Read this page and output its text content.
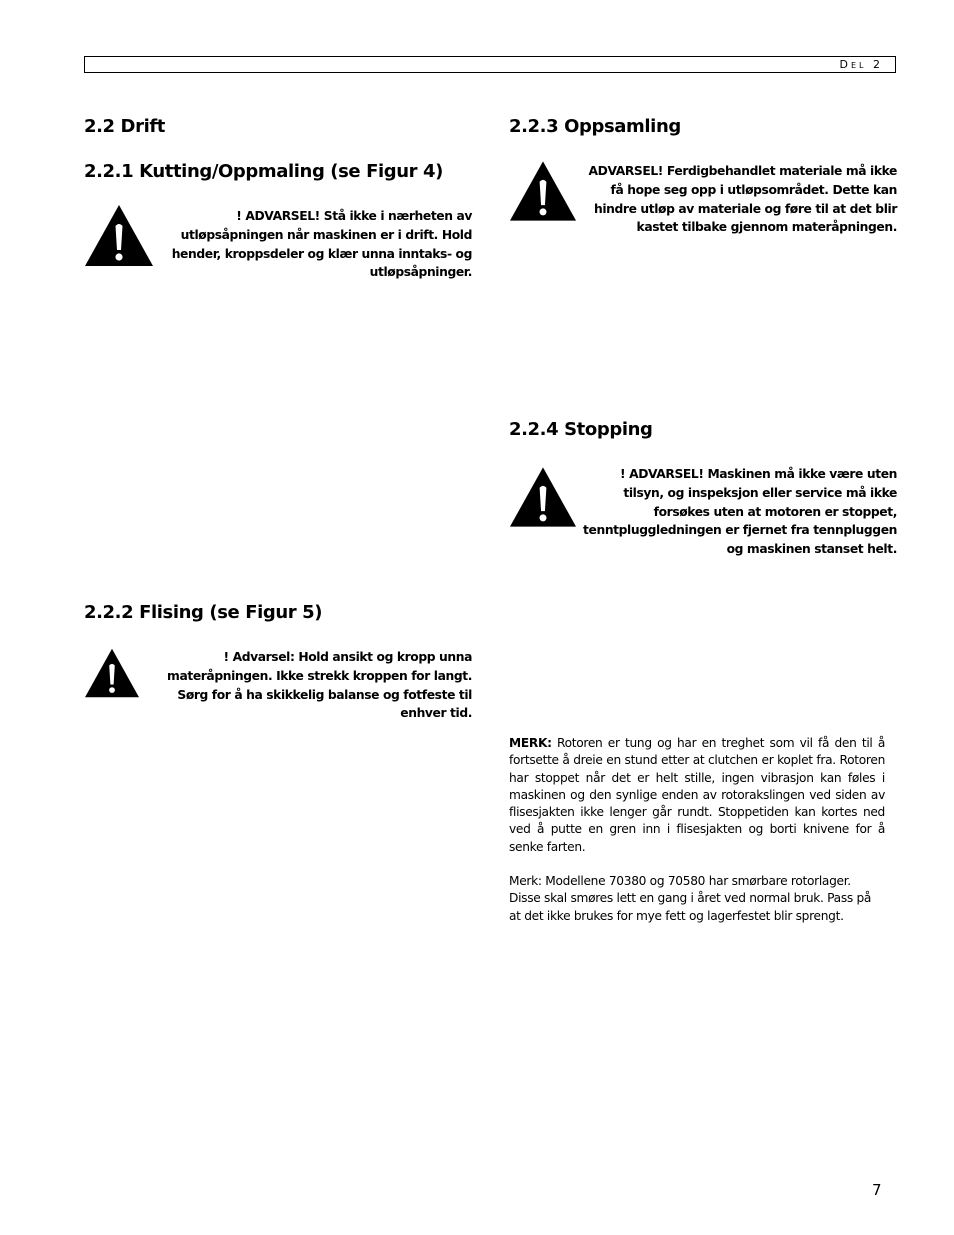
Del 2
2.2 Drift
2.2.1 Kutting/Oppmaling (se Figur 4)

! ADVARSEL! Stå ikke i nærheten av utløpsåpningen når maskinen er i drift. Hold hender, kroppsdeler og klær unna inntaks- og utløpsåpninger.

2.2.2 Flising (se Figur 5)

! Advarsel: Hold ansikt og kropp unna materåpningen. Ikke strekk kroppen for langt. Sørg for å ha skikkelig balanse og fotfeste til enhver tid.

2.2.3 Oppsamling

ADVARSEL! Ferdigbehandlet materiale må ikke få hope seg opp i utløpsområdet. Dette kan hindre utløp av materiale og føre til at det blir kastet tilbake gjennom materåpningen.

2.2.4 Stopping

! ADVARSEL! Maskinen må ikke være uten tilsyn, og inspeksjon eller service må ikke forsøkes uten at motoren er stoppet, tenntpluggledningen er fjernet fra tennpluggen og maskinen stanset helt.

MERK: Rotoren er tung og har en treghet som vil få den til å fortsette å dreie en stund etter at clutchen er koplet fra. Rotoren har stoppet når det er helt stille, ingen vibrasjon kan føles i maskinen og den synlige enden av rotorakslingen ved siden av flisesjakten ikke lenger går rundt. Stoppetiden kan kortes ned ved å putte en gren inn i flisesjakten og borti knivene for å senke farten.

Merk: Modellene 70380 og 70580 har smørbare rotorlager. Disse skal smøres lett en gang i året ved normal bruk. Pass på at det ikke brukes for mye fett og lagerfestet blir sprengt.

7
